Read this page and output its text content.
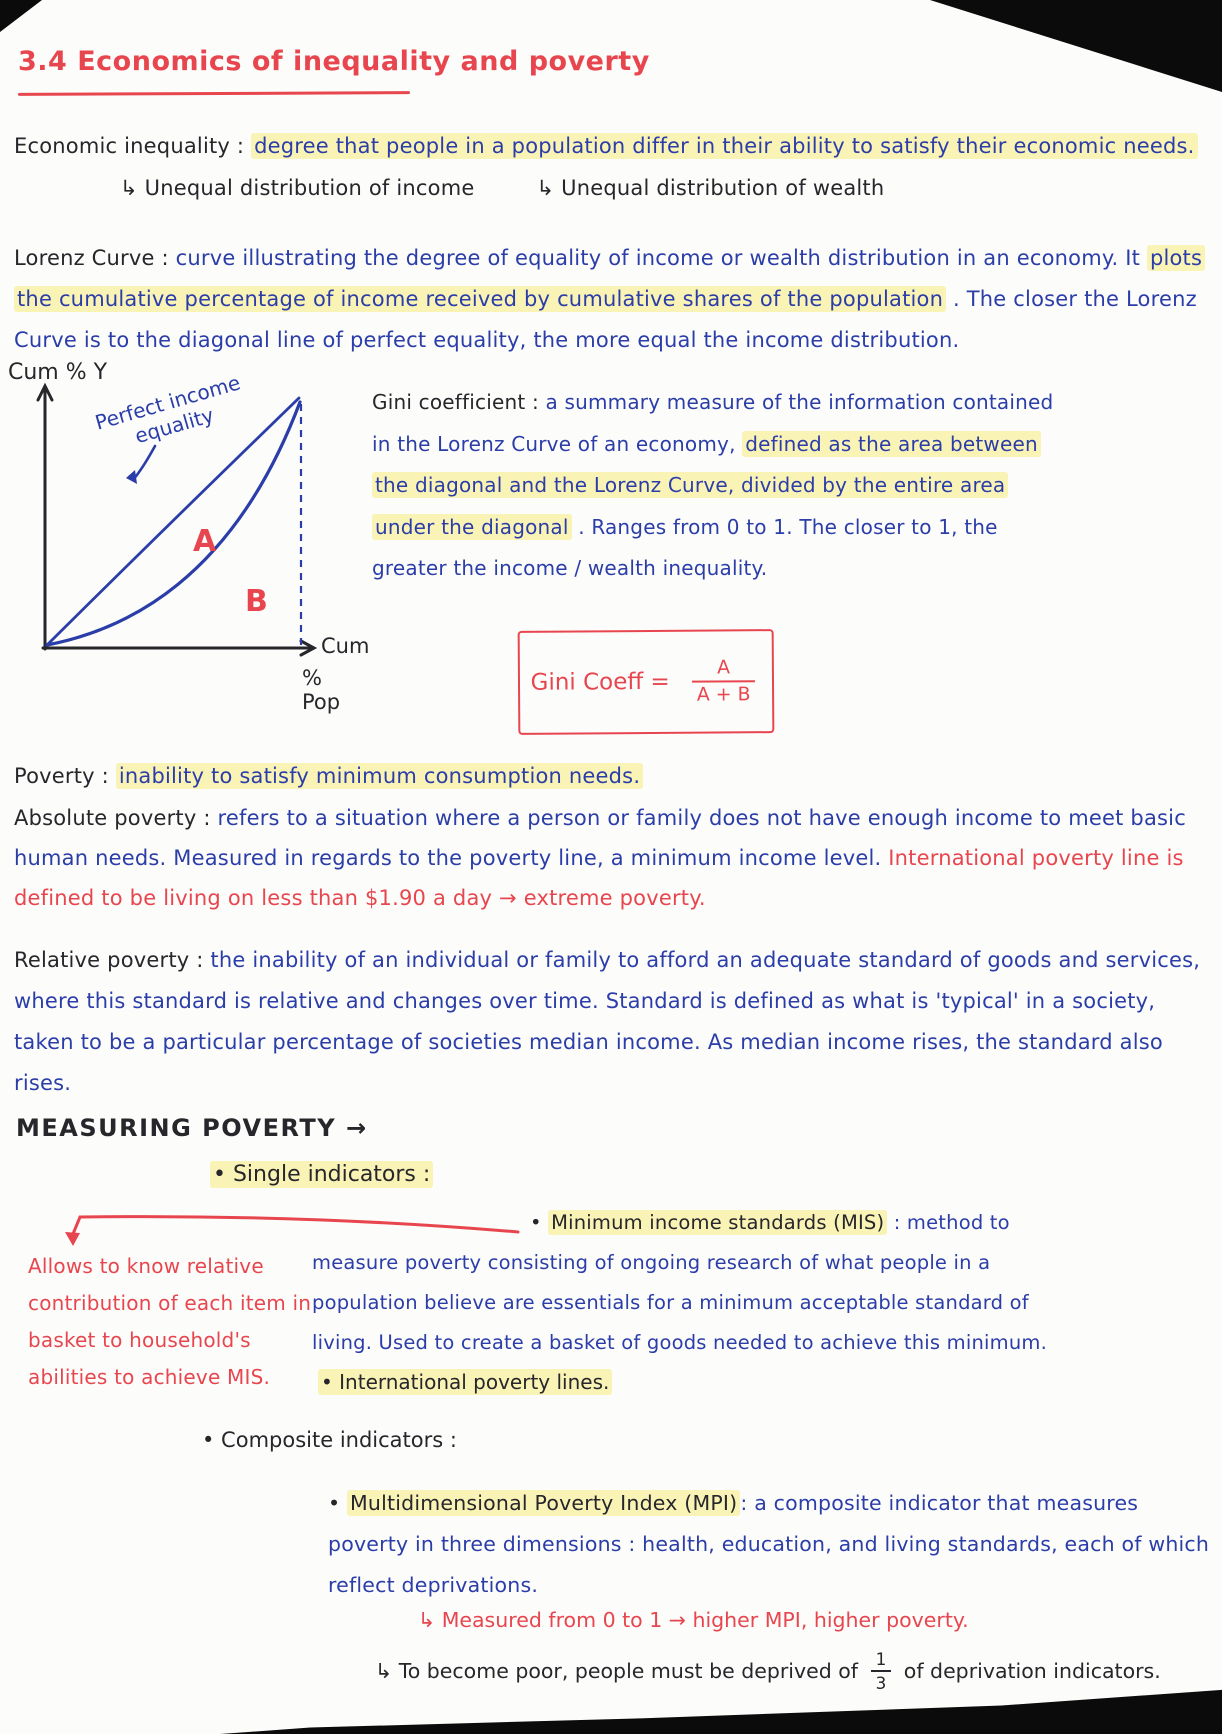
3.4 Economics of inequality and poverty
Economic inequality : degree that people in a population differ in their ability to satisfy their economic needs.
↳ Unequal distribution of income	↳ Unequal distribution of wealth
Lorenz Curve : curve illustrating the degree of equality of income or wealth distribution in an economy. It plots the cumulative percentage of income received by cumulative shares of the population . The closer the Lorenz Curve is to the diagonal line of perfect equality, the more equal the income distribution.
Cum % Y
Perfect income equality
A
B
Cum
% Pop
Gini coefficient : a summary measure of the information contained in the Lorenz Curve of an economy, defined as the area between the diagonal and the Lorenz Curve, divided by the entire area under the diagonal . Ranges from 0 to 1. The closer to 1, the greater the income / wealth inequality.
Gini Coeff = $\frac{A}{A + B}$
Poverty : inability to satisfy minimum consumption needs.
Absolute poverty : refers to a situation where a person or family does not have enough income to meet basic human needs. Measured in regards to the poverty line, a minimum income level. International poverty line is defined to be living on less than $1.90 a day → extreme poverty.
Relative poverty : the inability of an individual or family to afford an adequate standard of goods and services, where this standard is relative and changes over time. Standard is defined as what is 'typical' in a society, taken to be a particular percentage of societies median income. As median income rises, the standard also rises.
MEASURING POVERTY →
• Single indicators :
Allows to know relative contribution of each item in basket to household's abilities to achieve MIS.
• Minimum income standards (MIS) : method to measure poverty consisting of ongoing research of what people in a population believe are essentials for a minimum acceptable standard of living. Used to create a basket of goods needed to achieve this minimum.
• International poverty lines.
• Composite indicators :
• Multidimensional Poverty Index (MPI) : a composite indicator that measures poverty in three dimensions : health, education, and living standards, each of which reflect deprivations.
↳ Measured from 0 to 1 → higher MPI, higher poverty.
↳ To become poor, people must be deprived of $\frac{1}{3}$ of deprivation indicators.
